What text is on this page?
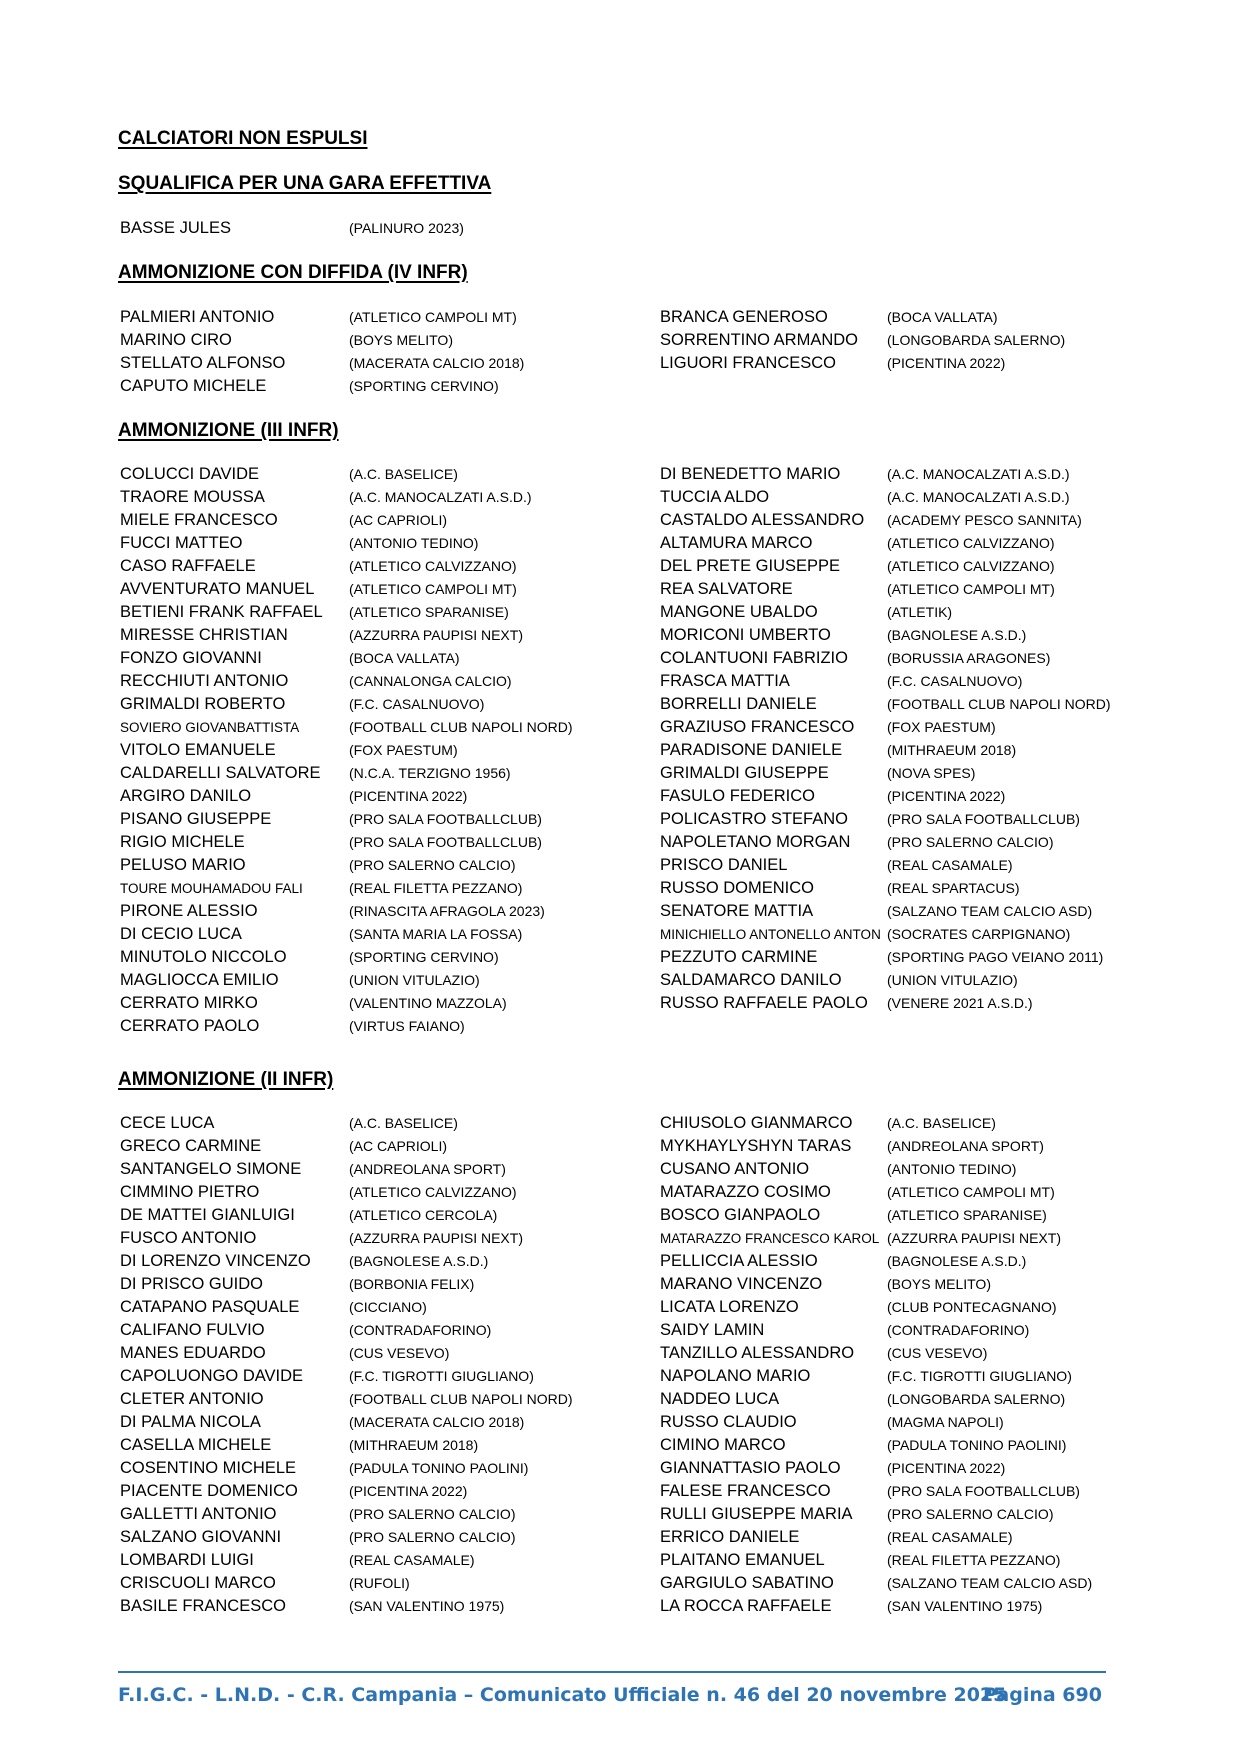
CALCIATORI NON ESPULSI
SQUALIFICA PER UNA GARA EFFETTIVA
BASSE JULES	(PALINURO 2023)
AMMONIZIONE CON DIFFIDA (IV INFR)
PALMIERI ANTONIO	(ATLETICO CAMPOLI MT)	BRANCA GENEROSO	(BOCA VALLATA)
MARINO CIRO	(BOYS MELITO)	SORRENTINO ARMANDO (LONGOBARDA SALERNO)
STELLATO ALFONSO	(MACERATA CALCIO 2018)	LIGUORI FRANCESCO	(PICENTINA 2022)
CAPUTO MICHELE	(SPORTING CERVINO)
AMMONIZIONE (III INFR)
COLUCCI DAVIDE	(A.C. BASELICE)	DI BENEDETTO MARIO	(A.C. MANOCALZATI A.S.D.)
TRAORE MOUSSA	(A.C. MANOCALZATI A.S.D.)	TUCCIA ALDO	(A.C. MANOCALZATI A.S.D.)
MIELE FRANCESCO	(AC CAPRIOLI)	CASTALDO ALESSANDRO (ACADEMY PESCO SANNITA)
FUCCI MATTEO	(ANTONIO TEDINO)	ALTAMURA MARCO	(ATLETICO CALVIZZANO)
CASO RAFFAELE	(ATLETICO CALVIZZANO)	DEL PRETE GIUSEPPE	(ATLETICO CALVIZZANO)
AVVENTURATO MANUEL (ATLETICO CAMPOLI MT)	REA SALVATORE	(ATLETICO CAMPOLI MT)
BETIENI FRANK RAFFAEL (ATLETICO SPARANISE)	MANGONE UBALDO	(ATLETIK)
MIRESSE CHRISTIAN	(AZZURRA PAUPISI NEXT)	MORICONI UMBERTO	(BAGNOLESE A.S.D.)
FONZO GIOVANNI	(BOCA VALLATA)	COLANTUONI FABRIZIO	(BORUSSIA ARAGONES)
RECCHIUTI ANTONIO	(CANNALONGA CALCIO)	FRASCA MATTIA	(F.C. CASALNUOVO)
GRIMALDI ROBERTO	(F.C. CASALNUOVO)	BORRELLI DANIELE	(FOOTBALL CLUB NAPOLI NORD)
SOVIERO GIOVANBATTISTA	(FOOTBALL CLUB NAPOLI NORD)	GRAZIUSO FRANCESCO (FOX PAESTUM)
VITOLO EMANUELE	(FOX PAESTUM)	PARADISONE DANIELE	(MITHRAEUM 2018)
CALDARELLI SALVATORE (N.C.A. TERZIGNO 1956)	GRIMALDI GIUSEPPE	(NOVA SPES)
ARGIRO DANILO	(PICENTINA 2022)	FASULO FEDERICO	(PICENTINA 2022)
PISANO GIUSEPPE	(PRO SALA FOOTBALLCLUB)	POLICASTRO STEFANO	(PRO SALA FOOTBALLCLUB)
RIGIO MICHELE	(PRO SALA FOOTBALLCLUB)	NAPOLETANO MORGAN	(PRO SALERNO CALCIO)
PELUSO MARIO	(PRO SALERNO CALCIO)	PRISCO DANIEL	(REAL CASAMALE)
TOURE MOUHAMADOU FALI	(REAL FILETTA PEZZANO)	RUSSO DOMENICO	(REAL SPARTACUS)
PIRONE ALESSIO	(RINASCITA AFRAGOLA 2023)	SENATORE MATTIA	(SALZANO TEAM CALCIO ASD)
DI CECIO LUCA	(SANTA MARIA LA FOSSA)	MINICHIELLO ANTONELLO ANTON (SOCRATES CARPIGNANO)
MINUTOLO NICCOLO	(SPORTING CERVINO)	PEZZUTO CARMINE	(SPORTING PAGO VEIANO 2011)
MAGLIOCCA EMILIO	(UNION VITULAZIO)	SALDAMARCO DANILO	(UNION VITULAZIO)
CERRATO MIRKO	(VALENTINO MAZZOLA)	RUSSO RAFFAELE PAOLO (VENERE 2021 A.S.D.)
CERRATO PAOLO	(VIRTUS FAIANO)
AMMONIZIONE (II INFR)
CECE LUCA	(A.C. BASELICE)	CHIUSOLO GIANMARCO (A.C. BASELICE)
GRECO CARMINE	(AC CAPRIOLI)	MYKHAYLYSHYN TARAS	(ANDREOLANA SPORT)
SANTANGELO SIMONE	(ANDREOLANA SPORT)	CUSANO ANTONIO	(ANTONIO TEDINO)
CIMMINO PIETRO	(ATLETICO CALVIZZANO)	MATARAZZO COSIMO	(ATLETICO CAMPOLI MT)
DE MATTEI GIANLUIGI	(ATLETICO CERCOLA)	BOSCO GIANPAOLO	(ATLETICO SPARANISE)
FUSCO ANTONIO	(AZZURRA PAUPISI NEXT)	MATARAZZO FRANCESCO KAROL (AZZURRA PAUPISI NEXT)
DI LORENZO VINCENZO	(BAGNOLESE A.S.D.)	PELLICCIA ALESSIO	(BAGNOLESE A.S.D.)
DI PRISCO GUIDO	(BORBONIA FELIX)	MARANO VINCENZO	(BOYS MELITO)
CATAPANO PASQUALE	(CICCIANO)	LICATA LORENZO	(CLUB PONTECAGNANO)
CALIFANO FULVIO	(CONTRADAFORINO)	SAIDY LAMIN	(CONTRADAFORINO)
MANES EDUARDO	(CUS VESEVO)	TANZILLO ALESSANDRO (CUS VESEVO)
CAPOLUONGO DAVIDE	(F.C. TIGROTTI GIUGLIANO)	NAPOLANO MARIO	(F.C. TIGROTTI GIUGLIANO)
CLETER ANTONIO	(FOOTBALL CLUB NAPOLI NORD)	NADDEO LUCA	(LONGOBARDA SALERNO)
DI PALMA NICOLA	(MACERATA CALCIO 2018)	RUSSO CLAUDIO	(MAGMA NAPOLI)
CASELLA MICHELE	(MITHRAEUM 2018)	CIMINO MARCO	(PADULA TONINO PAOLINI)
COSENTINO MICHELE	(PADULA TONINO PAOLINI)	GIANNATTASIO PAOLO	(PICENTINA 2022)
PIACENTE DOMENICO	(PICENTINA 2022)	FALESE FRANCESCO	(PRO SALA FOOTBALLCLUB)
GALLETTI ANTONIO	(PRO SALERNO CALCIO)	RULLI GIUSEPPE MARIA (PRO SALERNO CALCIO)
SALZANO GIOVANNI	(PRO SALERNO CALCIO)	ERRICO DANIELE	(REAL CASAMALE)
LOMBARDI LUIGI	(REAL CASAMALE)	PLAITANO EMANUEL	(REAL FILETTA PEZZANO)
CRISCUOLI MARCO	(RUFOLI)	GARGIULO SABATINO	(SALZANO TEAM CALCIO ASD)
BASILE FRANCESCO	(SAN VALENTINO 1975)	LA ROCCA RAFFAELE	(SAN VALENTINO 1975)
F.I.G.C. - L.N.D. - C.R. Campania – Comunicato Ufficiale n. 46 del 20 novembre 2025
Pagina 690
